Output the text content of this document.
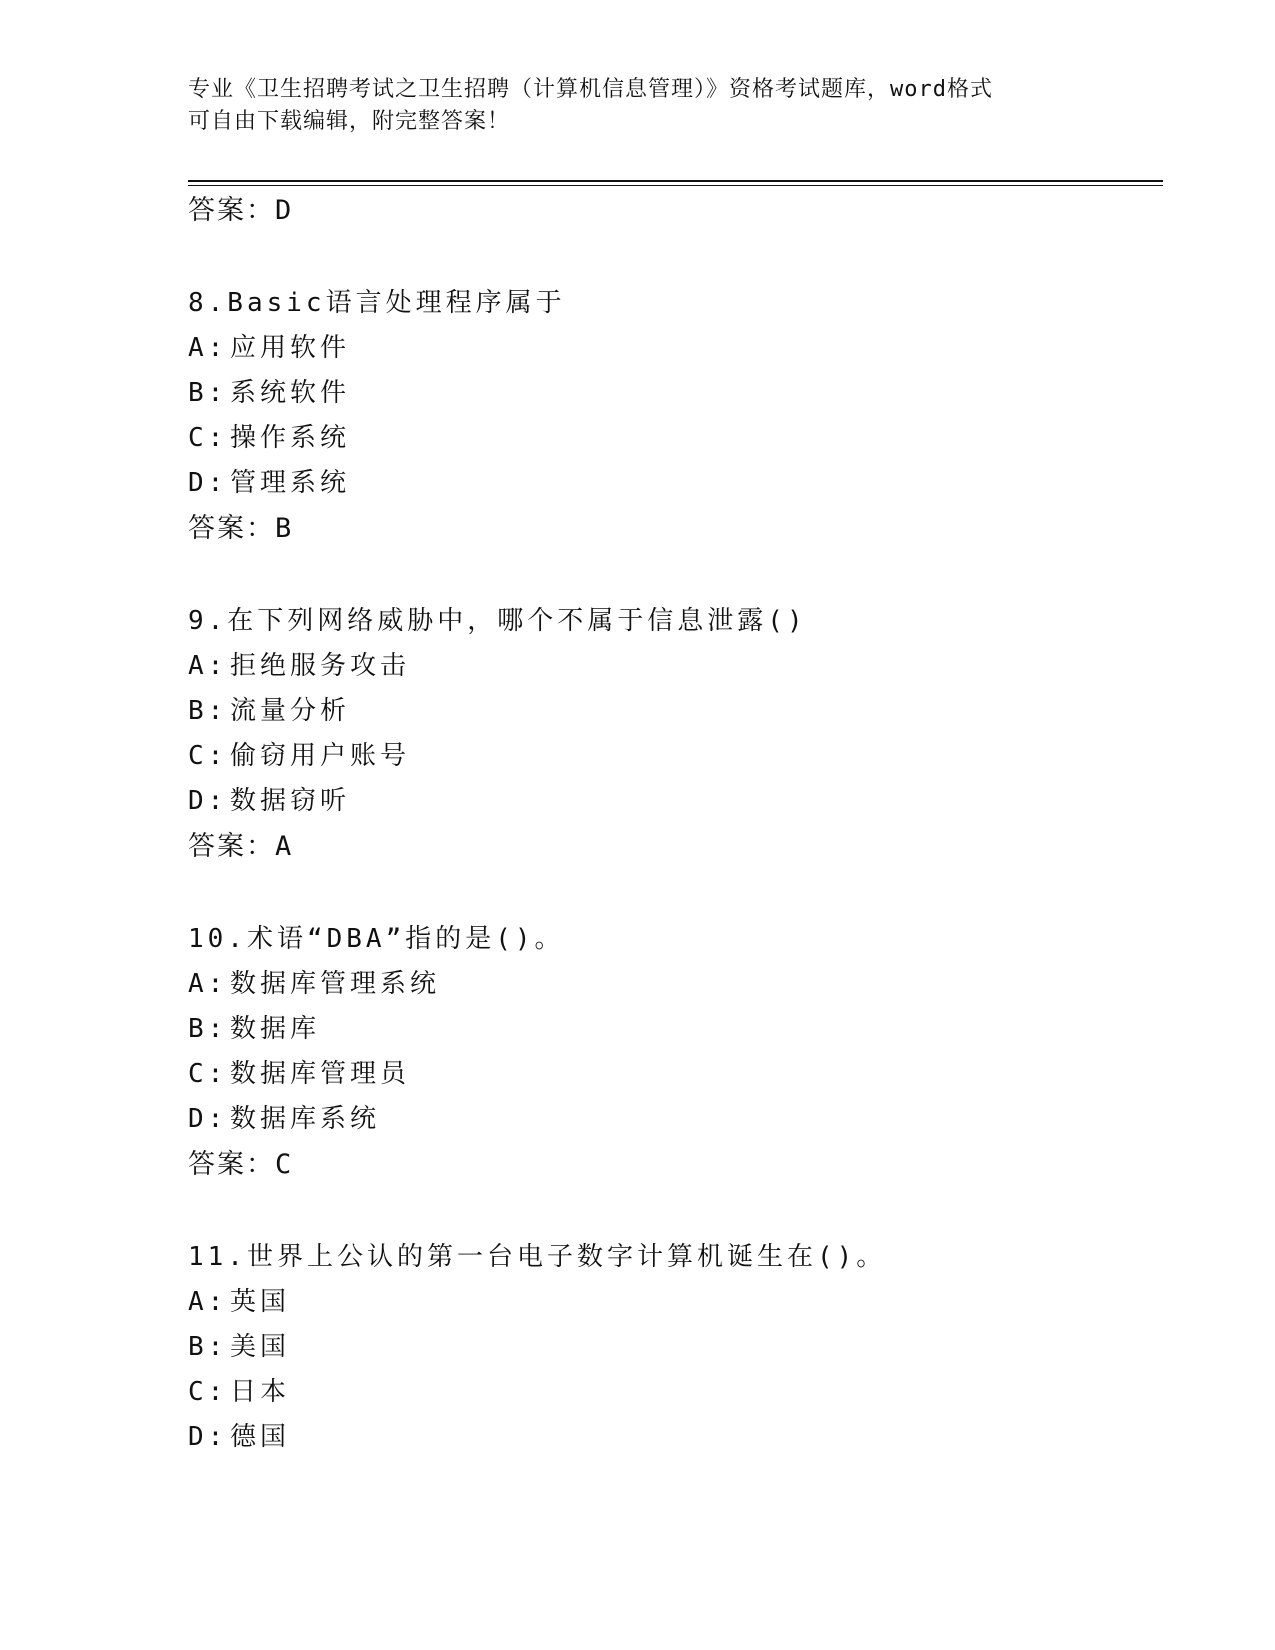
专业《卫生招聘考试之卫生招聘（计算机信息管理）》资格考试题库，word格式
可自由下载编辑，附完整答案！
答案：D
8.Basic语言处理程序属于
A: 应用软件
B: 系统软件
C: 操作系统
D: 管理系统
答案：B
9.在下列网络威胁中，哪个不属于信息泄露()
A: 拒绝服务攻击
B: 流量分析
C: 偷窃用户账号
D: 数据窃听
答案：A
10.术语“DBA”指的是()。
A: 数据库管理系统
B: 数据库
C: 数据库管理员
D: 数据库系统
答案：C
11.世界上公认的第一台电子数字计算机诞生在()。
A: 英国
B: 美国
C: 日本
D: 德国
